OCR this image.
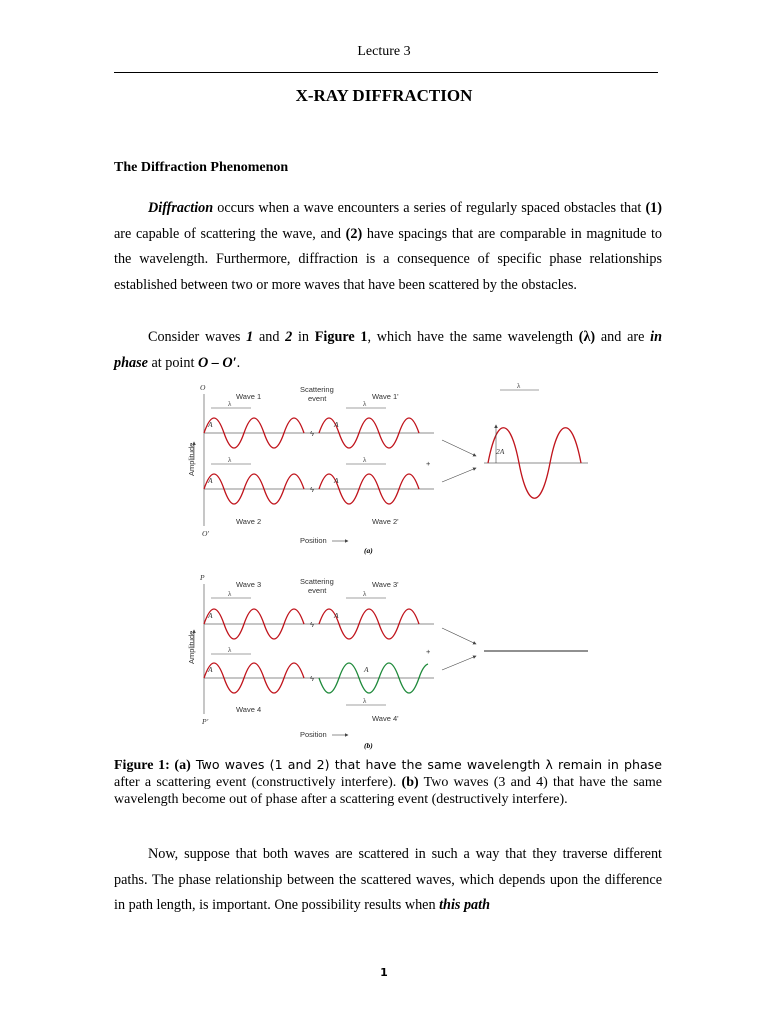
Lecture 3
X-RAY DIFFRACTION
The Diffraction Phenomenon

Diffraction occurs when a wave encounters a series of regularly spaced obstacles that (1) are capable of scattering the wave, and (2) have spacings that are comparable in magnitude to the wavelength. Furthermore, diffraction is a consequence of specific phase relationships established between two or more waves that have been scattered by the obstacles.

Consider waves 1 and 2 in Figure 1, which have the same wavelength (λ) and are in phase at point O – O′.

O
O'
Amplitude
Wave 1	Wave 1'
Scattering
event
λ	λ
A	A
ϟ
λ	λ
A	A
ϟ
Wave 2	Wave 2'
Position
(a)
+
λ
2A
P
P'
Amplitude
Wave 3	Wave 3'
Scattering
event
λ	λ
A	A
ϟ
λ
A	A
ϟ
λ
Wave 4
Wave 4'
Position
(b)
+

Figure 1: (a) Two waves (1 and 2) that have the same wavelength λ remain in phase after a scattering event (constructively interfere). (b) Two waves (3 and 4) that have the same wavelength become out of phase after a scattering event (destructively interfere).

Now, suppose that both waves are scattered in such a way that they traverse different paths. The phase relationship between the scattered waves, which depends upon the difference in path length, is important. One possibility results when this path

1
